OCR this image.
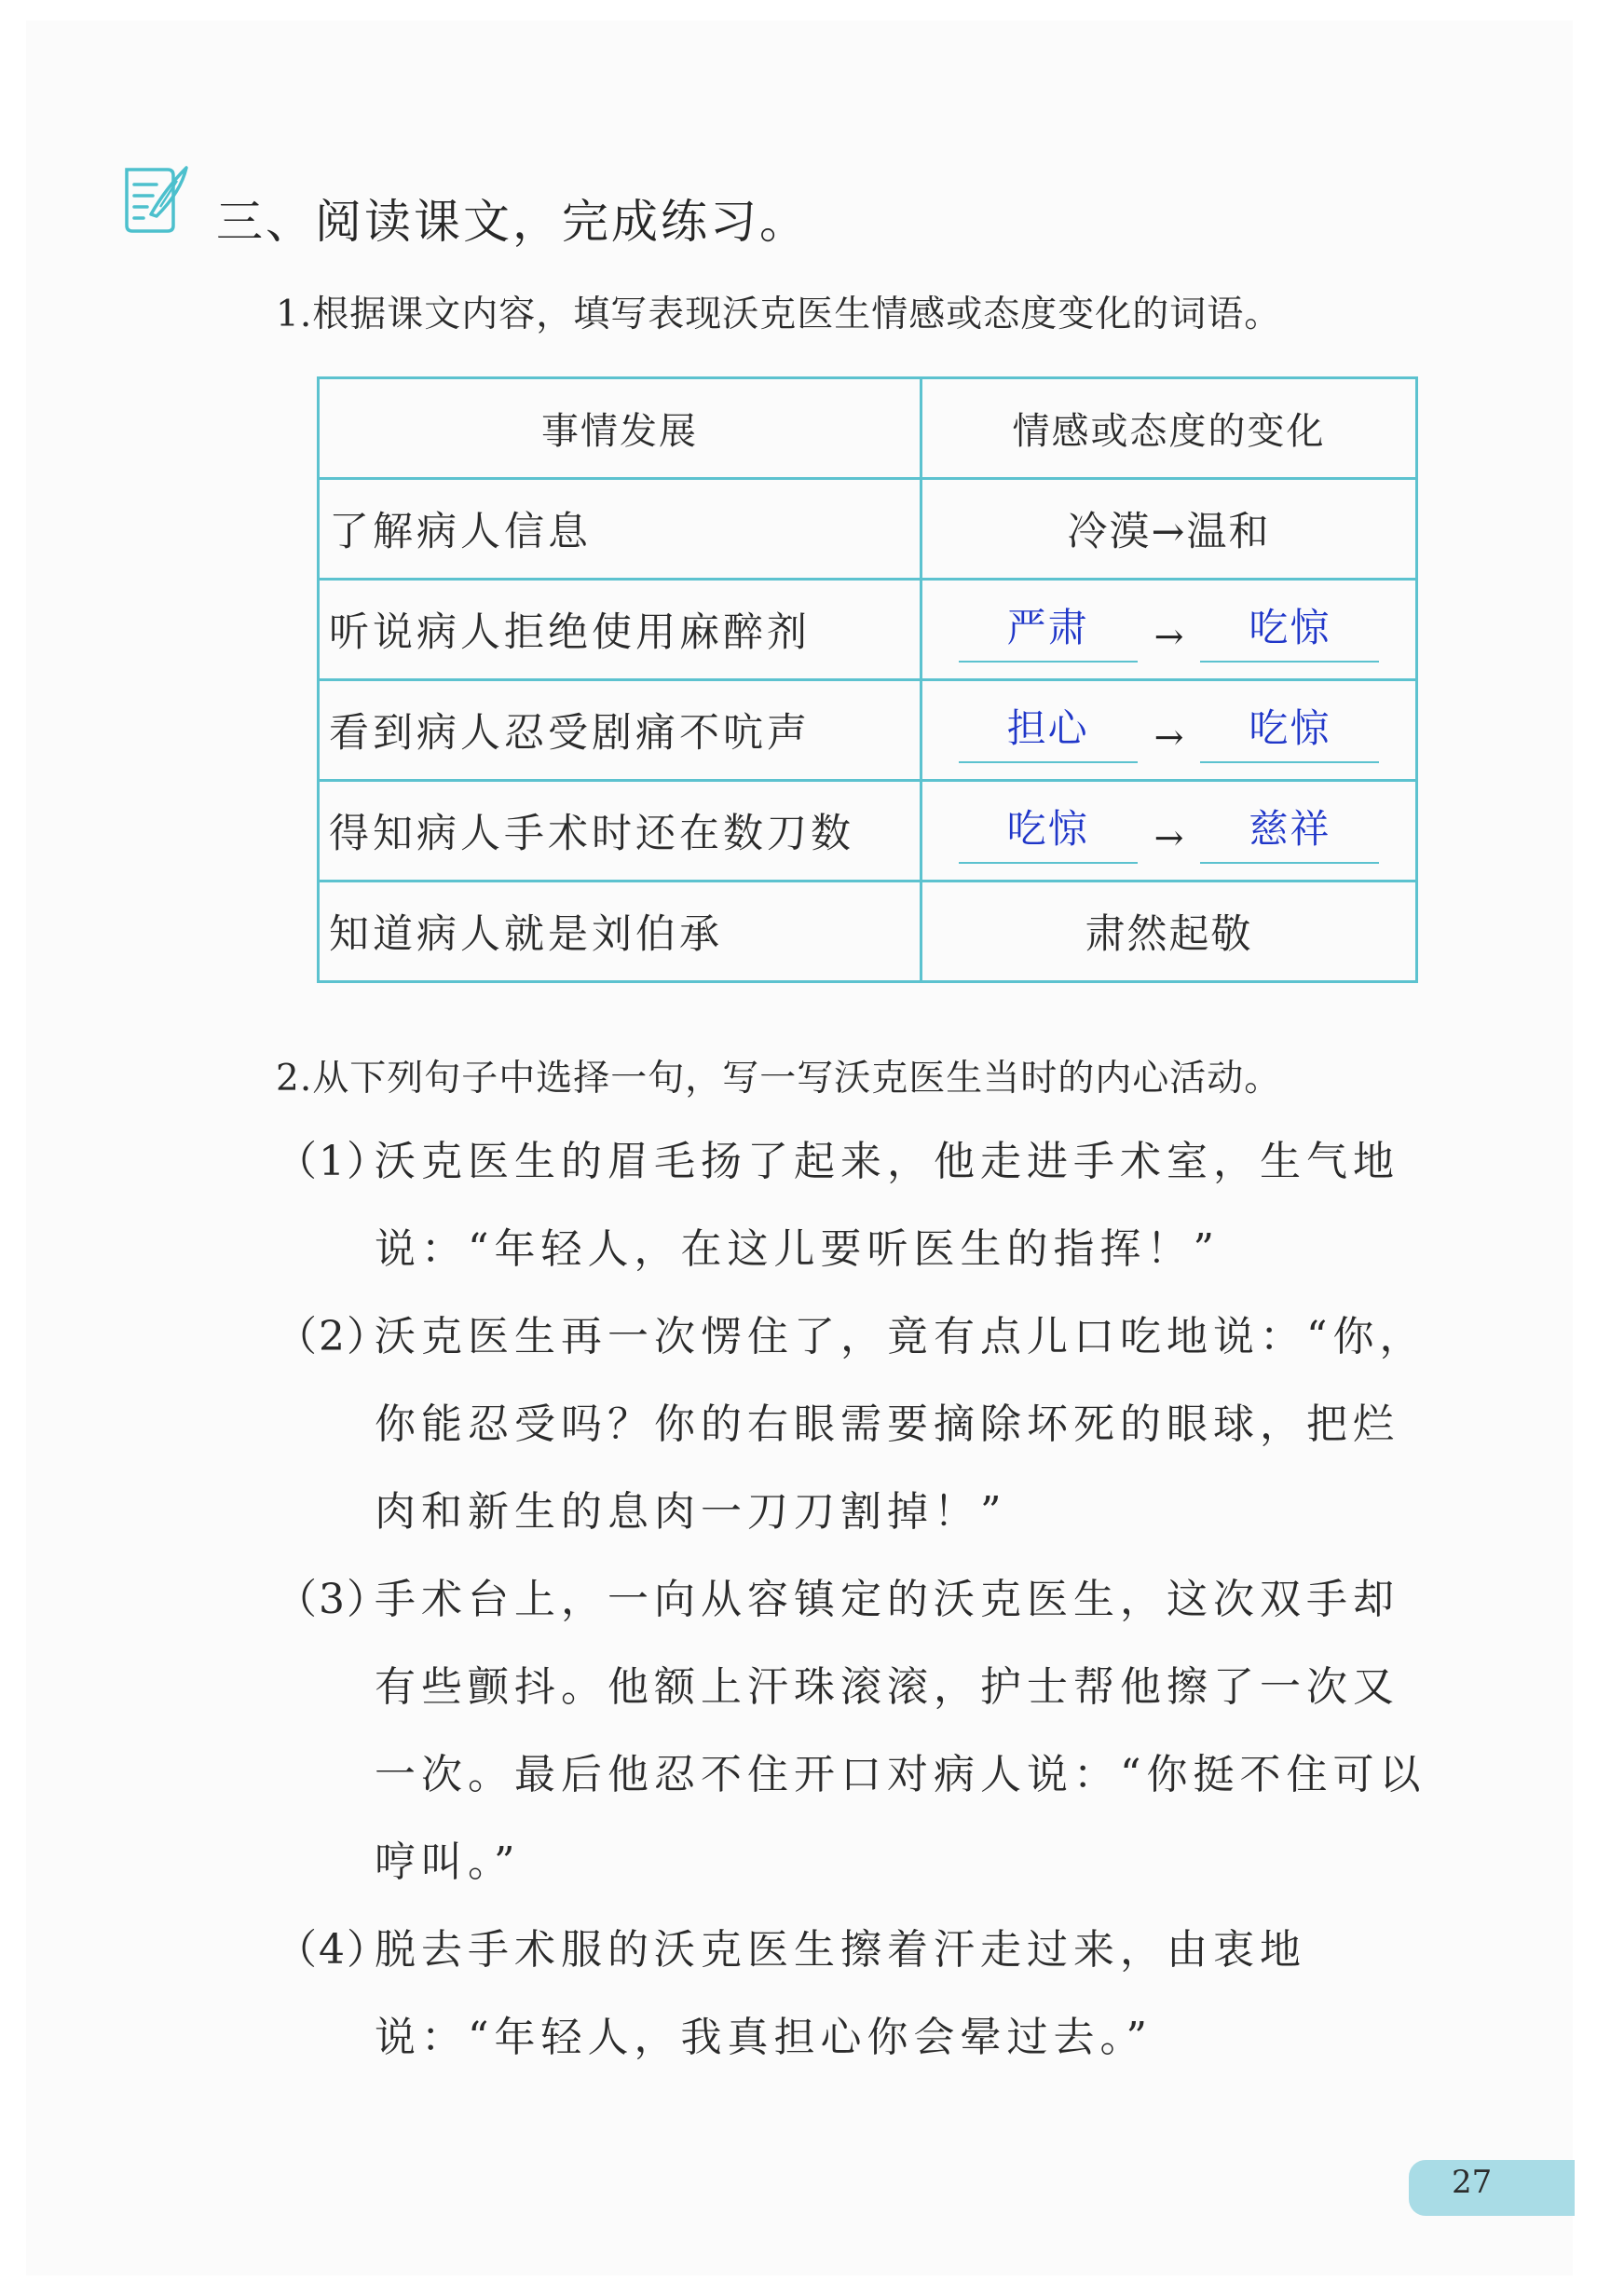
三、阅读课文，完成练习。
1.根据课文内容，填写表现沃克医生情感或态度变化的词语。
事情发展	情感或态度的变化
了解病人信息	冷漠→温和
听说病人拒绝使用麻醉剂	严肃 → 吃惊

看到病人忍受剧痛不吭声	担心 → 吃惊

得知病人手术时还在数刀数	吃惊 → 慈祥

知道病人就是刘伯承	肃然起敬
2.从下列句子中选择一句，写一写沃克医生当时的内心活动。
（1）
沃克医生的眉毛扬了起来，他走进手术室，生气地说：“年轻人，在这儿要听医生的指挥！”
（2）
沃克医生再一次愣住了，竟有点儿口吃地说：“你，你能忍受吗？你的右眼需要摘除坏死的眼球，把烂肉和新生的息肉一刀刀割掉！”
（3）
手术台上，一向从容镇定的沃克医生，这次双手却有些颤抖。他额上汗珠滚滚，护士帮他擦了一次又一次。最后他忍不住开口对病人说：“你挺不住可以哼叫。”
（4）
脱去手术服的沃克医生擦着汗走过来，由衷地说：“年轻人，我真担心你会晕过去。”
27
